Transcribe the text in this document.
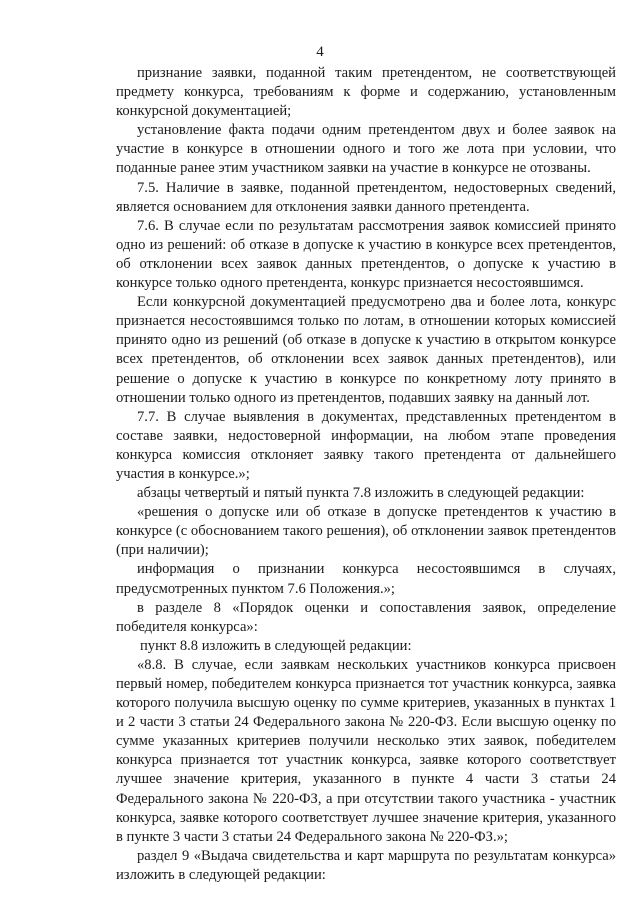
4

признание заявки, поданной таким претендентом, не соответствующей предмету конкурса, требованиям к форме и содержанию, установленным конкурсной документацией;

установление факта подачи одним претендентом двух и более заявок на участие в конкурсе в отношении одного и того же лота при условии, что поданные ранее этим участником заявки на участие в конкурсе не отозваны.

7.5. Наличие в заявке, поданной претендентом, недостоверных сведений, является основанием для отклонения заявки данного претендента.

7.6. В случае если по результатам рассмотрения заявок комиссией принято одно из решений: об отказе в допуске к участию в конкурсе всех претендентов, об отклонении всех заявок данных претендентов, о допуске к участию в конкурсе только одного претендента, конкурс признается несостоявшимся.

Если конкурсной документацией предусмотрено два и более лота, конкурс признается несостоявшимся только по лотам, в отношении которых комиссией принято одно из решений (об отказе в допуске к участию в открытом конкурсе всех претендентов, об отклонении всех заявок данных претендентов), или решение о допуске к участию в конкурсе по конкретному лоту принято в отношении только одного из претендентов, подавших заявку на данный лот.

7.7. В случае выявления в документах, представленных претендентом в составе заявки, недостоверной информации, на любом этапе проведения конкурса комиссия отклоняет заявку такого претендента от дальнейшего участия в конкурсе.»;

абзацы четвертый и пятый пункта 7.8 изложить в следующей редакции:

«решения о допуске или об отказе в допуске претендентов к участию в конкурсе (с обоснованием такого решения), об отклонении заявок претендентов (при наличии);

информация о признании конкурса несостоявшимся в случаях, предусмотренных пунктом 7.6 Положения.»;

в разделе 8 «Порядок оценки и сопоставления заявок, определение победителя конкурса»:

пункт 8.8 изложить в следующей редакции:

«8.8. В случае, если заявкам нескольких участников конкурса присвоен первый номер, победителем конкурса признается тот участник конкурса, заявка которого получила высшую оценку по сумме критериев, указанных в пунктах 1 и 2 части 3 статьи 24 Федерального закона № 220-ФЗ. Если высшую оценку по сумме указанных критериев получили несколько этих заявок, победителем конкурса признается тот участник конкурса, заявке которого соответствует лучшее значение критерия, указанного в пункте 4 части 3 статьи 24 Федерального закона № 220-ФЗ, а при отсутствии такого участника - участник конкурса, заявке которого соответствует лучшее значение критерия, указанного в пункте 3 части 3 статьи 24 Федерального закона № 220-ФЗ.»;

раздел 9 «Выдача свидетельства и карт маршрута по результатам конкурса» изложить в следующей редакции:
